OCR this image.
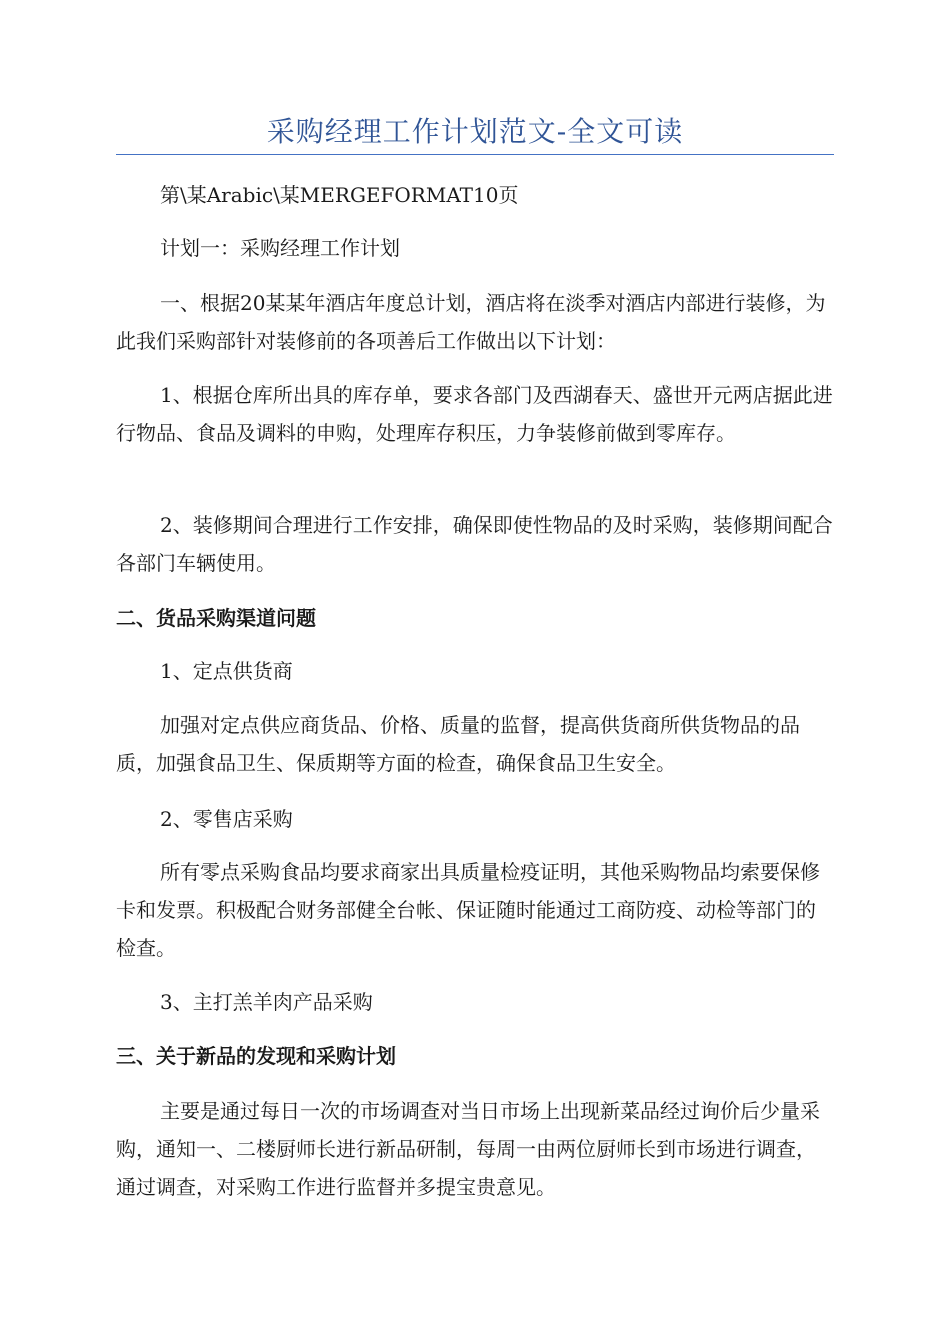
采购经理工作计划范文-全文可读

第\某Arabic\某MERGEFORMAT10页

计划一：采购经理工作计划

一、根据20某某年酒店年度总计划，酒店将在淡季对酒店内部进行装修，为此我们采购部针对装修前的各项善后工作做出以下计划：

1、根据仓库所出具的库存单，要求各部门及西湖春天、盛世开元两店据此进行物品、食品及调料的申购，处理库存积压，力争装修前做到零库存。

2、装修期间合理进行工作安排，确保即使性物品的及时采购，装修期间配合各部门车辆使用。

二、货品采购渠道问题

1、定点供货商

加强对定点供应商货品、价格、质量的监督，提高供货商所供货物品的品质，加强食品卫生、保质期等方面的检查，确保食品卫生安全。

2、零售店采购

所有零点采购食品均要求商家出具质量检疫证明，其他采购物品均索要保修卡和发票。积极配合财务部健全台帐、保证随时能通过工商防疫、动检等部门的检查。

3、主打羔羊肉产品采购

三、关于新品的发现和采购计划

主要是通过每日一次的市场调查对当日市场上出现新菜品经过询价后少量采购，通知一、二楼厨师长进行新品研制，每周一由两位厨师长到市场进行调查，通过调查，对采购工作进行监督并多提宝贵意见。
